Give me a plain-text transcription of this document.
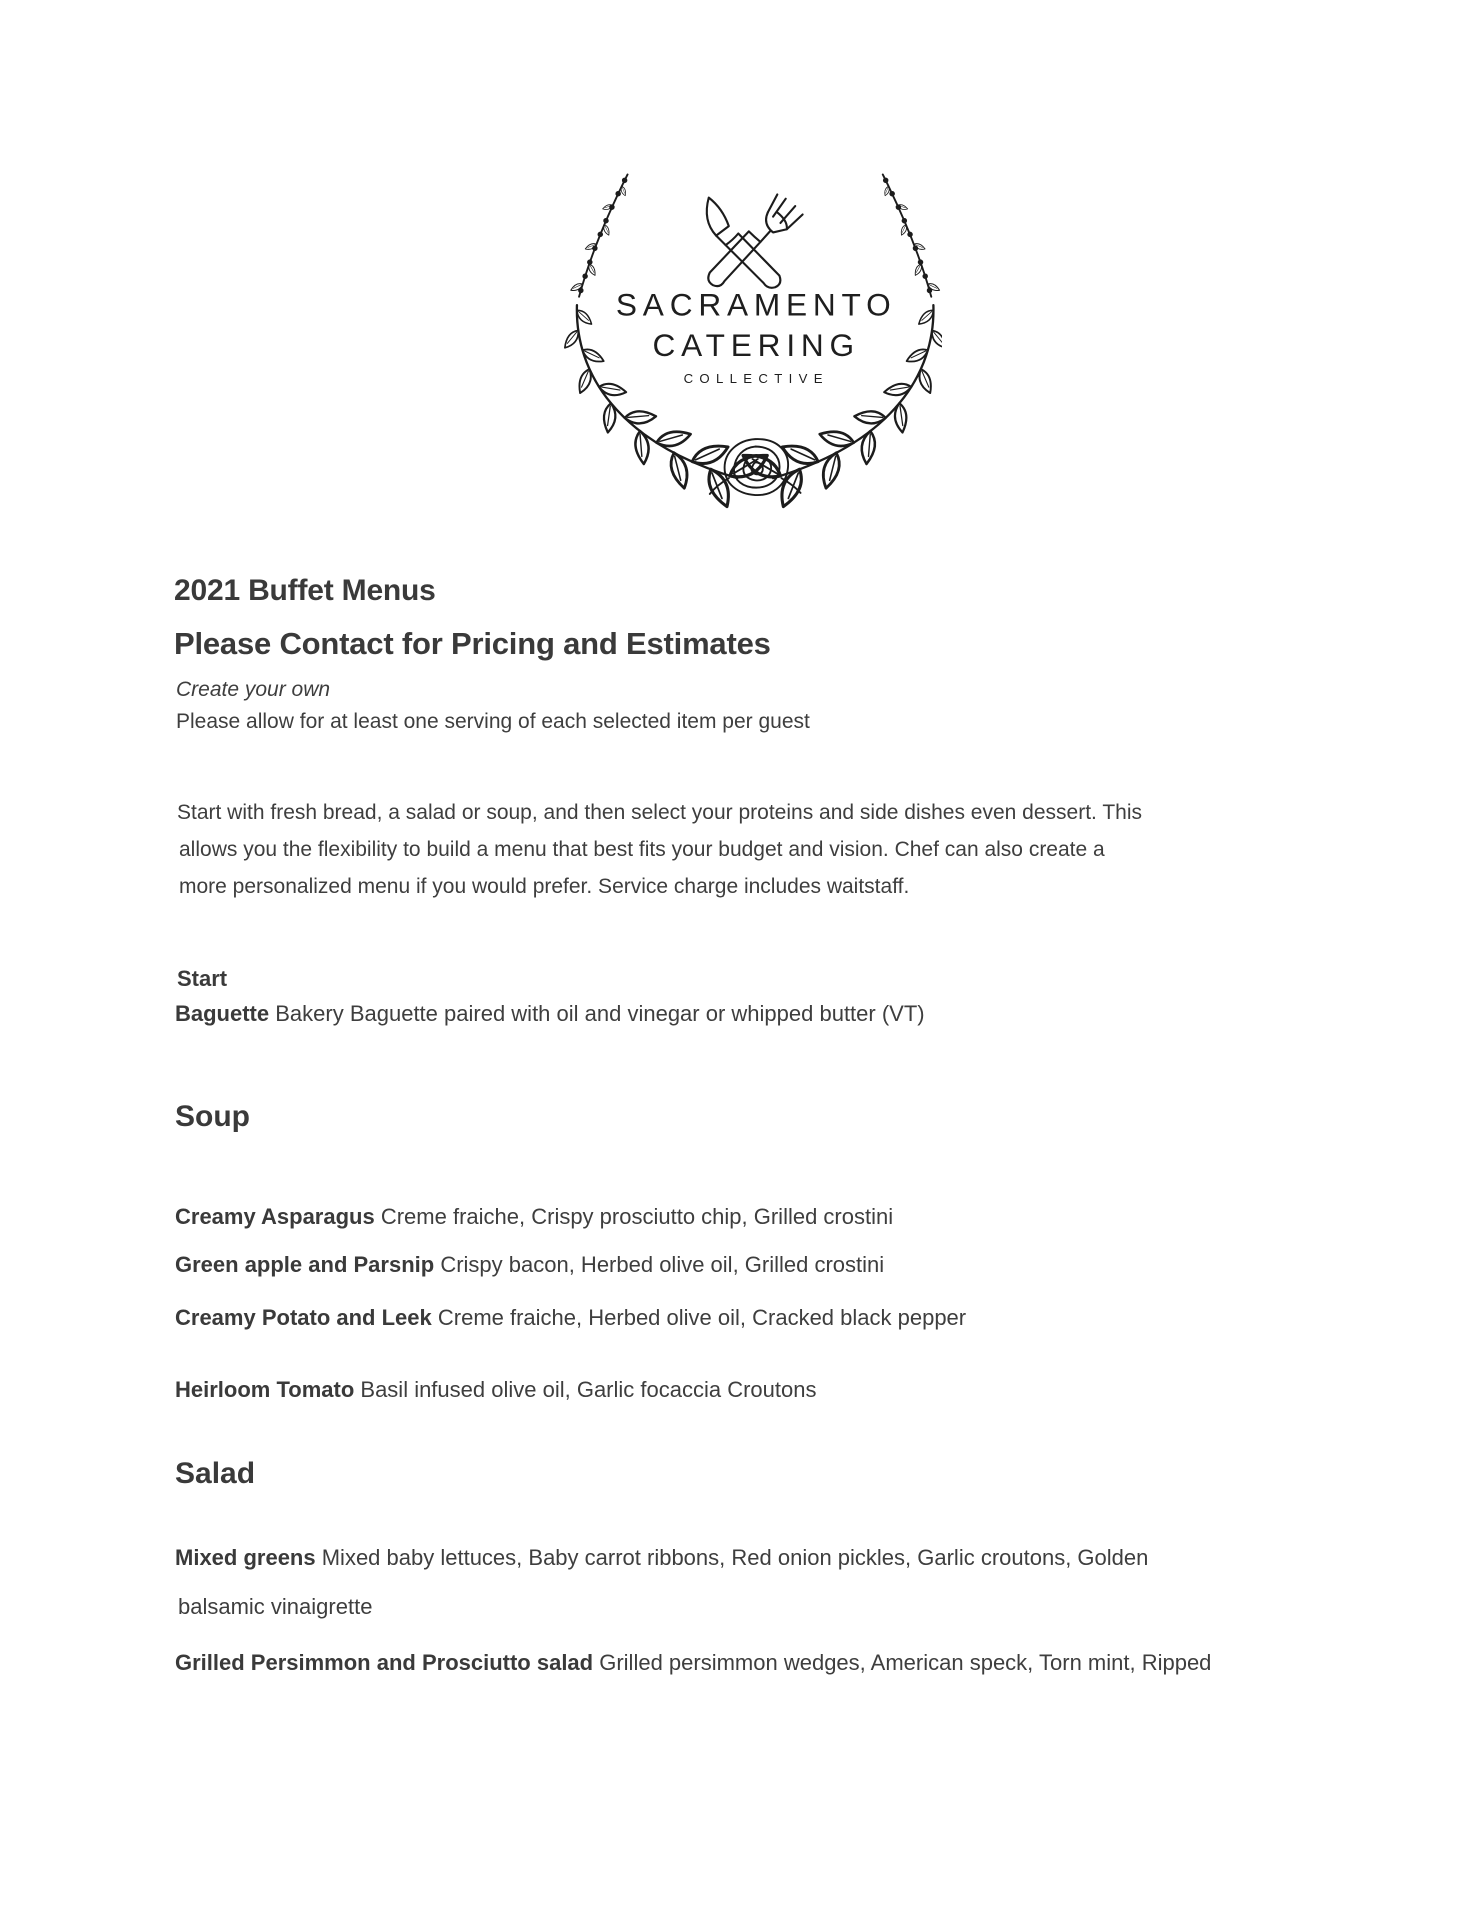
SACRAMENTO
CATERING
COLLECTIVE
2021 Buffet Menus
Please Contact for Pricing and Estimates
Create your own
Please allow for at least one serving of each selected item per guest
Start with fresh bread, a salad or soup, and then select your proteins and side dishes even dessert. This
allows you the flexibility to build a menu that best fits your budget and vision. Chef can also create a
more personalized menu if you would prefer. Service charge includes waitstaff.
Start
Baguette Bakery Baguette paired with oil and vinegar or whipped butter (VT)
Soup
Creamy Asparagus Creme fraiche, Crispy prosciutto chip, Grilled crostini
Green apple and Parsnip Crispy bacon, Herbed olive oil, Grilled crostini
Creamy Potato and Leek Creme fraiche, Herbed olive oil, Cracked black pepper
Heirloom Tomato Basil infused olive oil, Garlic focaccia Croutons
Salad
Mixed greens Mixed baby lettuces, Baby carrot ribbons, Red onion pickles, Garlic croutons, Golden
balsamic vinaigrette
Grilled Persimmon and Prosciutto salad Grilled persimmon wedges, American speck, Torn mint, Ripped
